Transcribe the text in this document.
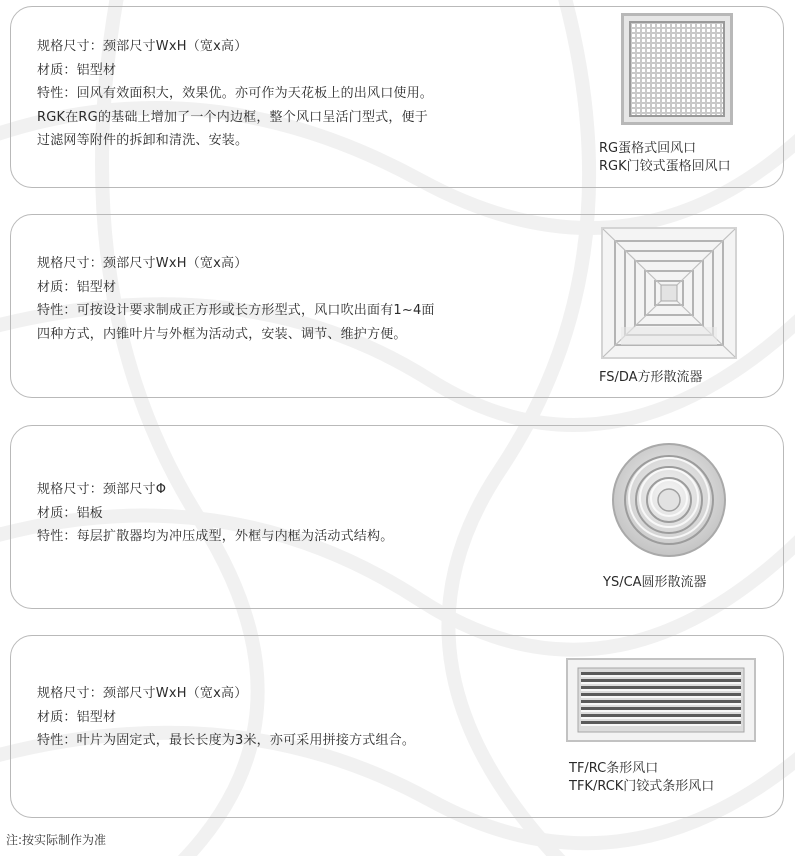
规格尺寸：颈部尺寸WxH（宽x高）
材质：铝型材
特性：回风有效面积大，效果优。亦可作为天花板上的出风口使用。
RGK在RG的基础上增加了一个内边框，整个风口呈活门型式，便于
过滤网等附件的拆卸和清洗、安装。
RG蛋格式回风口
RGK门铰式蛋格回风口
规格尺寸：颈部尺寸WxH（宽x高）
材质：铝型材
特性：可按设计要求制成正方形或长方形型式，风口吹出面有1~4面
四种方式，内锥叶片与外框为活动式，安装、调节、维护方便。
FS/DA方形散流器
规格尺寸：颈部尺寸Φ
材质：铝板
特性：每层扩散器均为冲压成型，外框与内框为活动式结构。
YS/CA圆形散流器
规格尺寸：颈部尺寸WxH（宽x高）
材质：铝型材
特性：叶片为固定式，最长长度为3米，亦可采用拼接方式组合。
TF/RC条形风口
TFK/RCK门铰式条形风口
注:按实际制作为准
